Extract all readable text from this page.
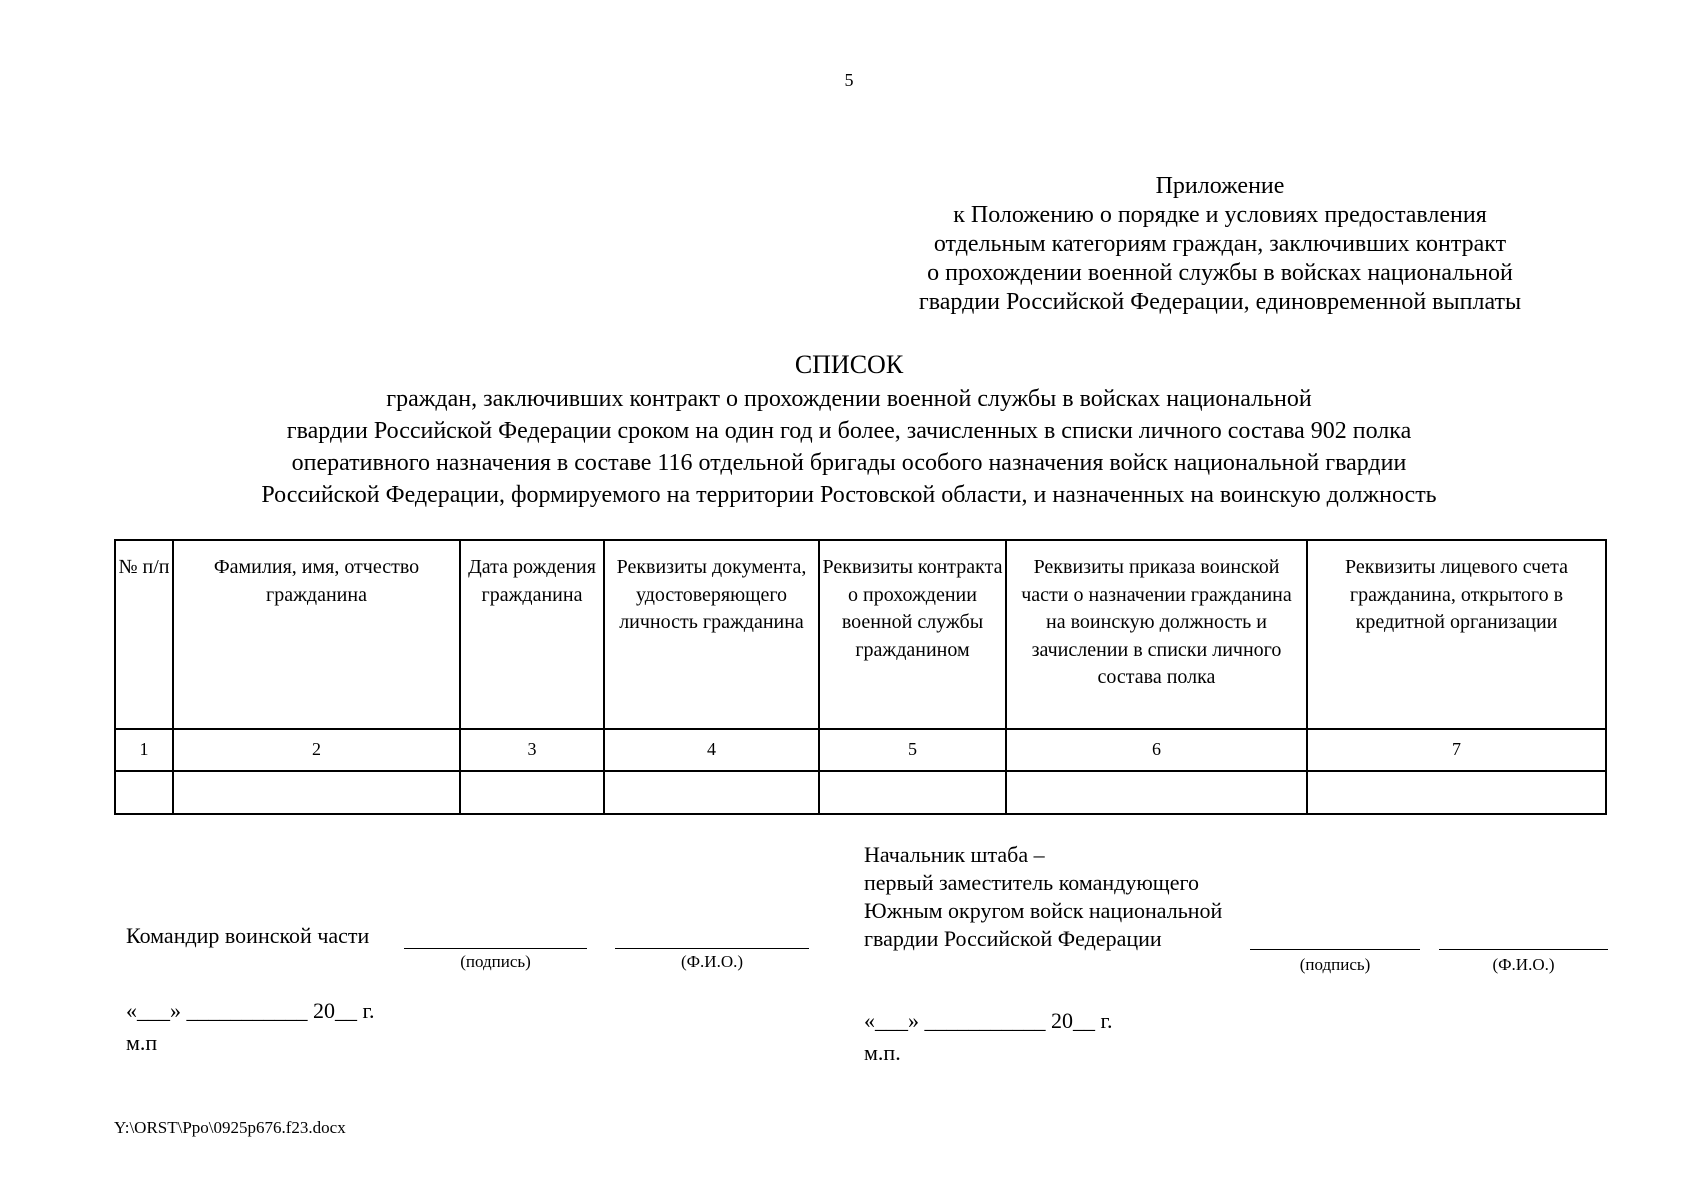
5
Приложение
к Положению о порядке и условиях предоставления
отдельным категориям граждан, заключивших контракт
о прохождении военной службы в войсках национальной
гвардии Российской Федерации, единовременной выплаты
СПИСОК
граждан, заключивших контракт о прохождении военной службы в войсках национальной
гвардии Российской Федерации сроком на один год и более, зачисленных в списки личного состава 902 полка
оперативного назначения в составе 116 отдельной бригады особого назначения войск национальной гвардии
Российской Федерации, формируемого на территории Ростовской области, и назначенных на воинскую должность
№ п/п	Фамилия, имя, отчество гражданина	Дата рождения гражданина	Реквизиты документа, удостоверяющего личность гражданина	Реквизиты контракта о прохождении военной службы гражданином	Реквизиты приказа воинской части о назначении гражданина на воинскую должность и зачислении в списки личного состава полка	Реквизиты лицевого счета гражданина, открытого в кредитной организации
1	2	3	4	5	6	7

Командир воинской части
(подпись)	(Ф.И.О.)
«___» ___________ 20__ г.
м.п
Начальник штаба –
первый заместитель командующего
Южным округом войск национальной
гвардии Российской Федерации
(подпись)	(Ф.И.О.)
«___» ___________ 20__ г.
м.п.
Y:\ORST\Ppo\0925p676.f23.docx
